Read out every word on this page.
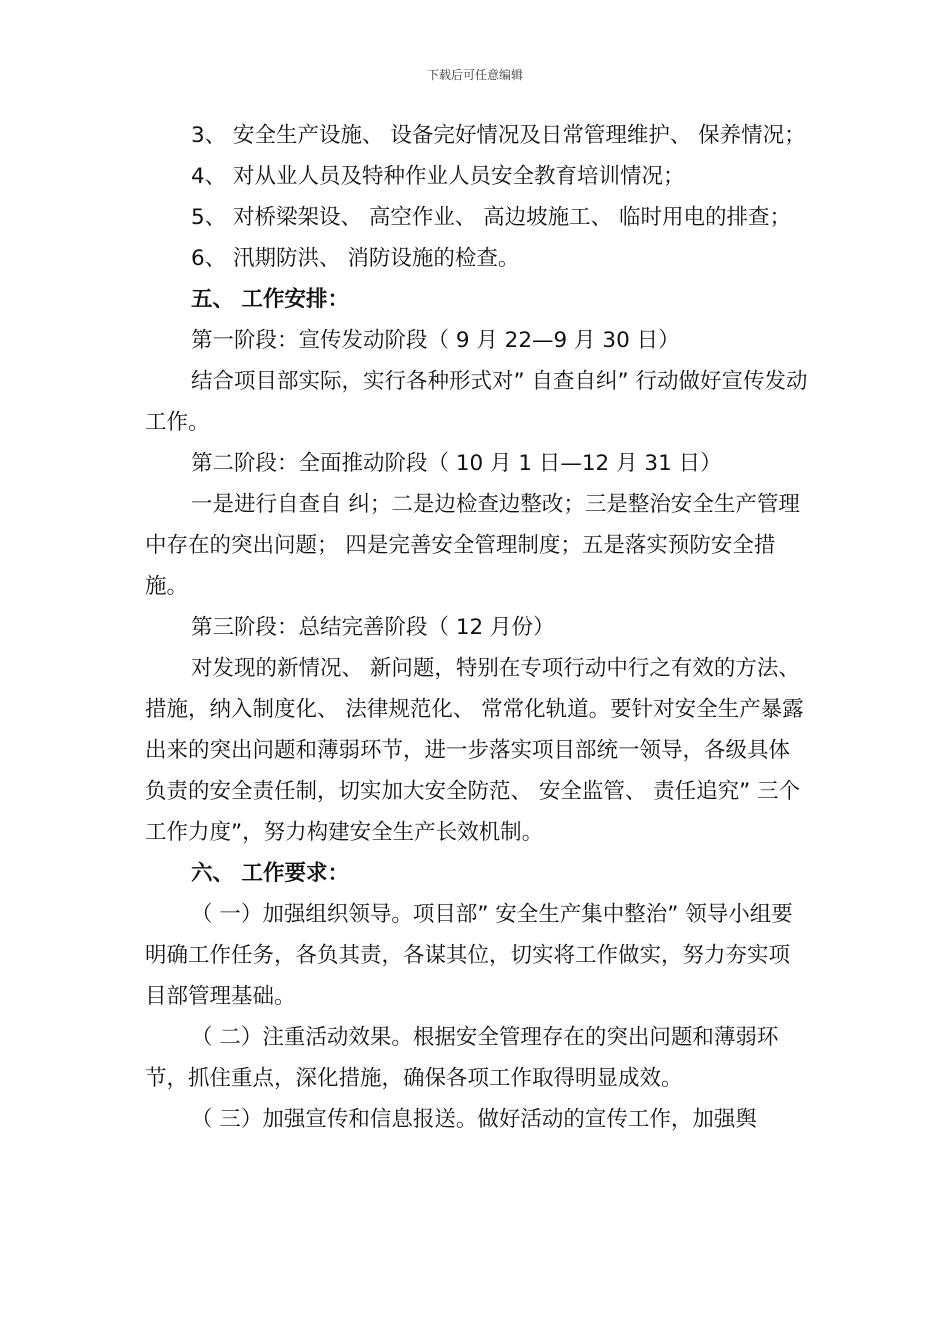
下载后可任意编辑

3、 安全生产设施、 设备完好情况及日常管理维护、 保养情况；

4、 对从业人员及特种作业人员安全教育培训情况；

5、 对桥梁架设、 高空作业、 高边坡施工、 临时用电的排查；

6、 汛期防洪、 消防设施的检查。

五、 工作安排：

第一阶段：宣传发动阶段（ 9 月 22—9 月 30 日）

结合项目部实际，实行各种形式对” 自查自纠” 行动做好宣传发动工作。

第二阶段：全面推动阶段（ 10 月 1 日—12 月 31 日）

一是进行自查自 纠；二是边检查边整改；三是整治安全生产管理中存在的突出问题； 四是完善安全管理制度；五是落实预防安全措施。

第三阶段：总结完善阶段（ 12 月份）

对发现的新情况、 新问题，特别在专项行动中行之有效的方法、 措施，纳入制度化、 法律规范化、 常常化轨道。要针对安全生产暴露出来的突出问题和薄弱环节，进一步落实项目部统一领导，各级具体负责的安全责任制，切实加大安全防范、 安全监管、 责任追究” 三个工作力度”，努力构建安全生产长效机制。

六、 工作要求：

（ 一）加强组织领导。项目部” 安全生产集中整治” 领导小组要明确工作任务，各负其责，各谋其位，切实将工作做实，努力夯实项目部管理基础。

（ 二）注重活动效果。根据安全管理存在的突出问题和薄弱环节，抓住重点，深化措施，确保各项工作取得明显成效。

（ 三）加强宣传和信息报送。做好活动的宣传工作，加强舆
